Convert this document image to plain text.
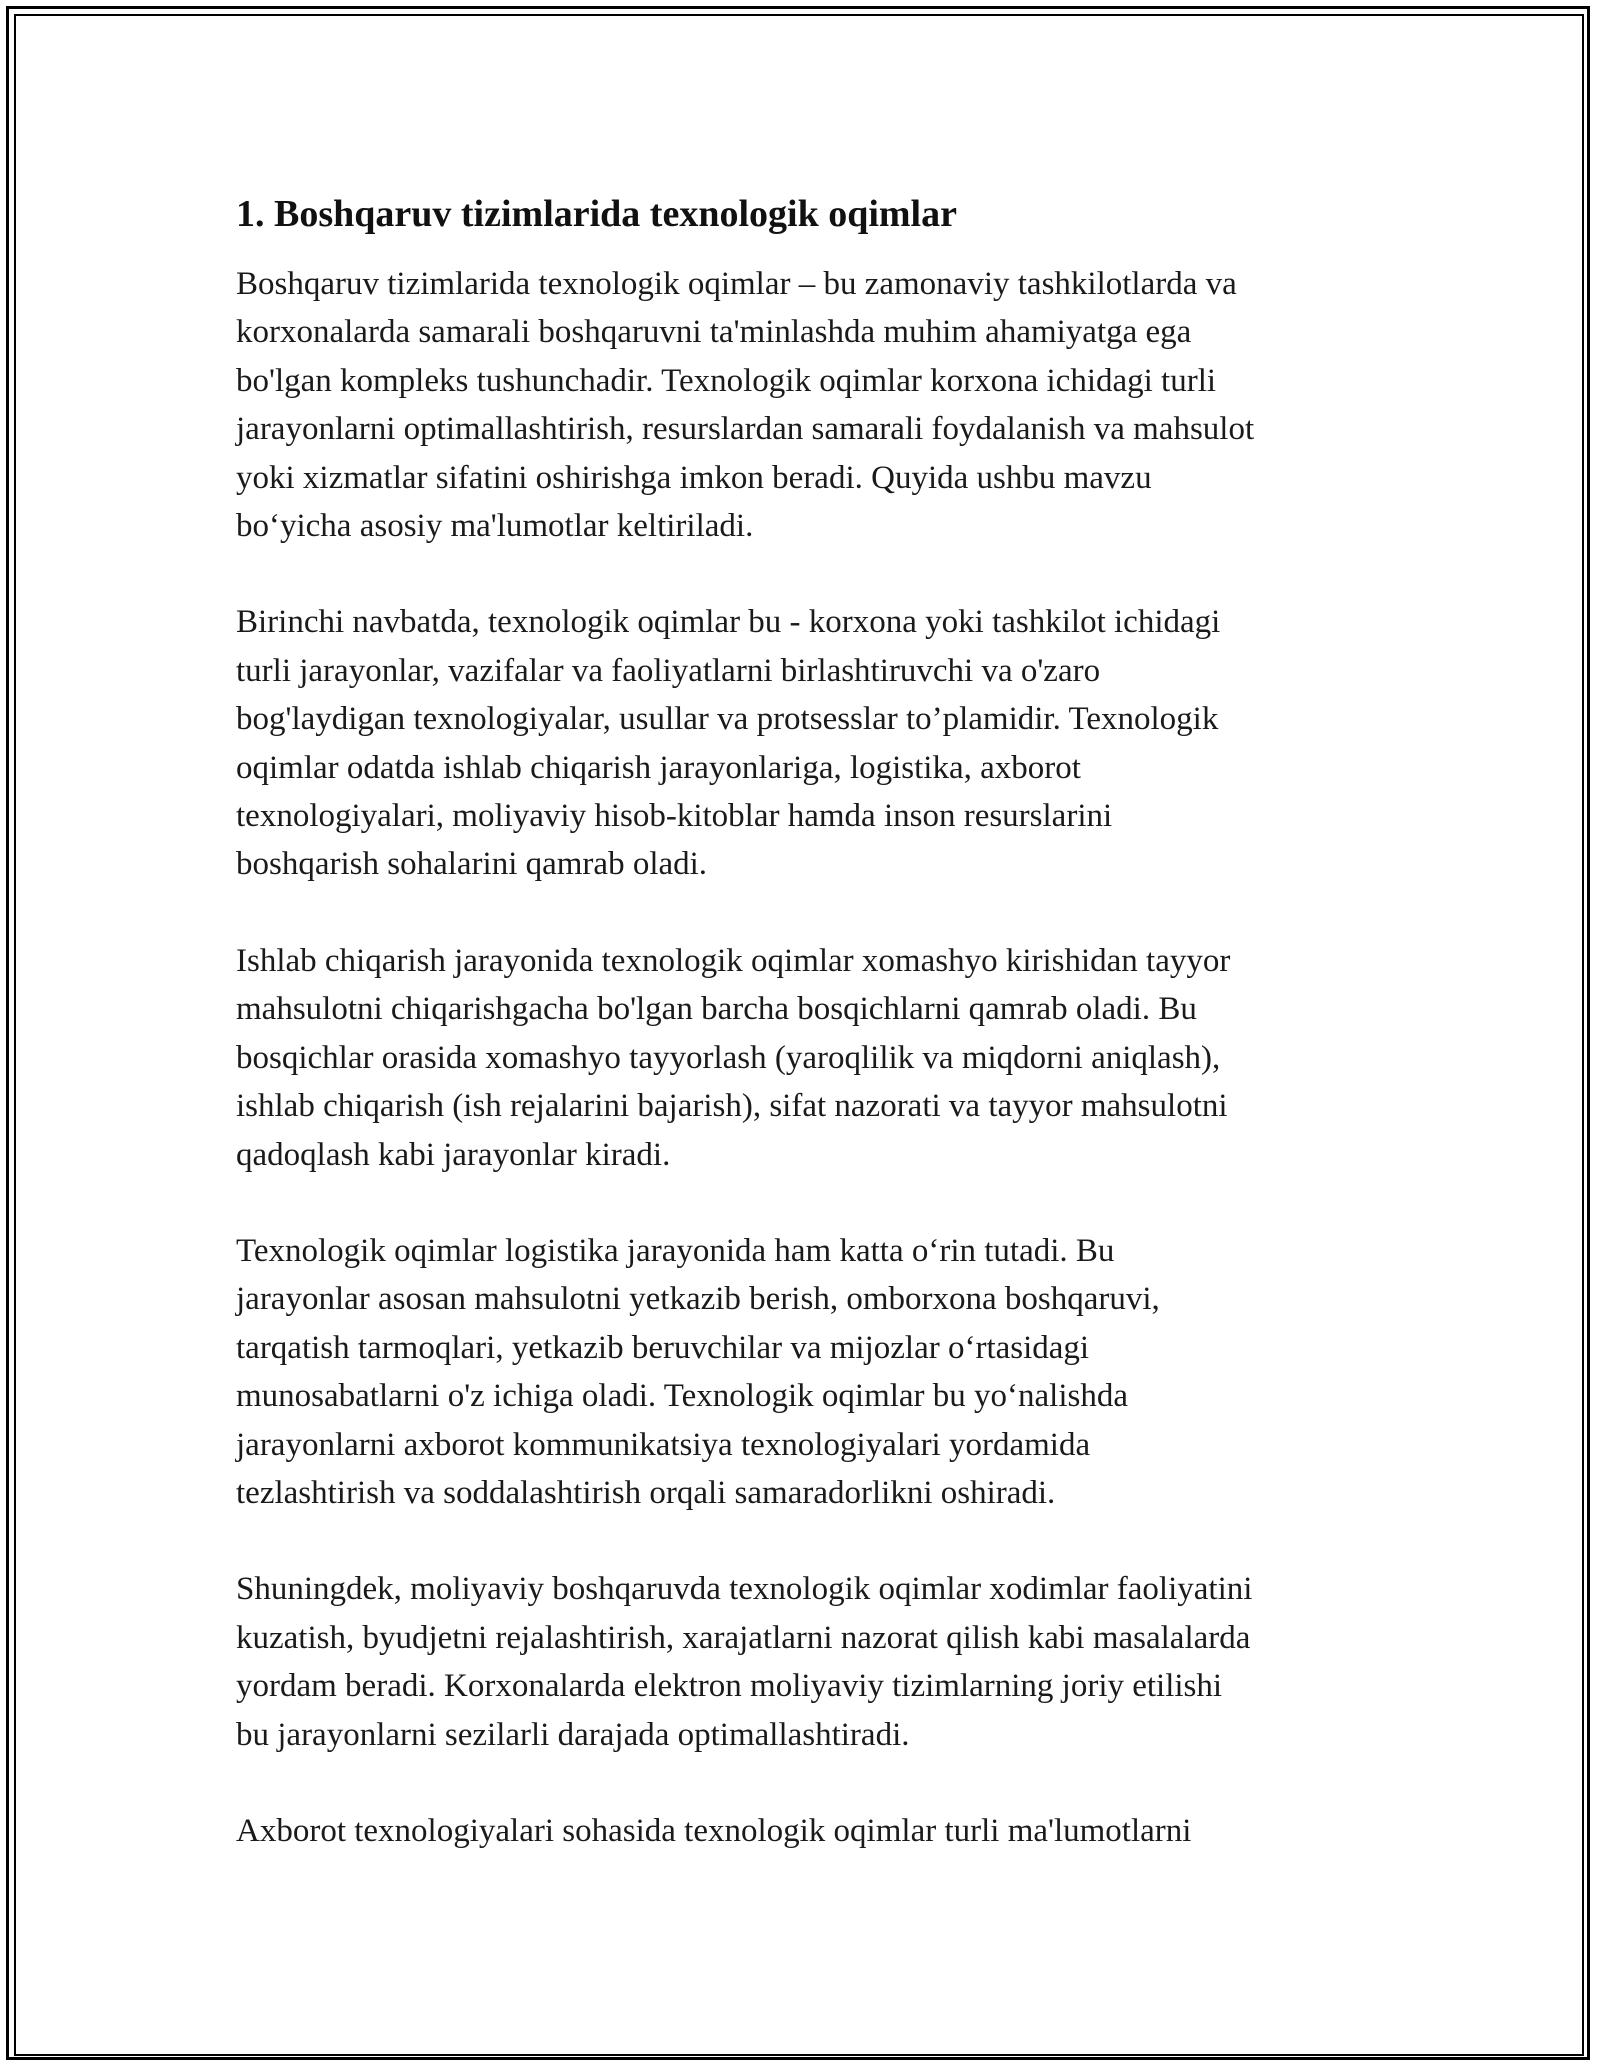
1. Boshqaruv tizimlarida texnologik oqimlar

Boshqaruv tizimlarida texnologik oqimlar – bu zamonaviy tashkilotlarda va
korxonalarda samarali boshqaruvni ta'minlashda muhim ahamiyatga ega
bo'lgan kompleks tushunchadir. Texnologik oqimlar korxona ichidagi turli
jarayonlarni optimallashtirish, resurslardan samarali foydalanish va mahsulot
yoki xizmatlar sifatini oshirishga imkon beradi. Quyida ushbu mavzu
bo‘yicha asosiy ma'lumotlar keltiriladi.

Birinchi navbatda, texnologik oqimlar bu - korxona yoki tashkilot ichidagi
turli jarayonlar, vazifalar va faoliyatlarni birlashtiruvchi va o'zaro
bog'laydigan texnologiyalar, usullar va protsesslar to’plamidir. Texnologik
oqimlar odatda ishlab chiqarish jarayonlariga, logistika, axborot
texnologiyalari, moliyaviy hisob-kitoblar hamda inson resurslarini
boshqarish sohalarini qamrab oladi.

Ishlab chiqarish jarayonida texnologik oqimlar xomashyo kirishidan tayyor
mahsulotni chiqarishgacha bo'lgan barcha bosqichlarni qamrab oladi. Bu
bosqichlar orasida xomashyo tayyorlash (yaroqlilik va miqdorni aniqlash),
ishlab chiqarish (ish rejalarini bajarish), sifat nazorati va tayyor mahsulotni
qadoqlash kabi jarayonlar kiradi.

Texnologik oqimlar logistika jarayonida ham katta o‘rin tutadi. Bu
jarayonlar asosan mahsulotni yetkazib berish, omborxona boshqaruvi,
tarqatish tarmoqlari, yetkazib beruvchilar va mijozlar o‘rtasidagi
munosabatlarni o'z ichiga oladi. Texnologik oqimlar bu yo‘nalishda
jarayonlarni axborot kommunikatsiya texnologiyalari yordamida
tezlashtirish va soddalashtirish orqali samaradorlikni oshiradi.

Shuningdek, moliyaviy boshqaruvda texnologik oqimlar xodimlar faoliyatini
kuzatish, byudjetni rejalashtirish, xarajatlarni nazorat qilish kabi masalalarda
yordam beradi. Korxonalarda elektron moliyaviy tizimlarning joriy etilishi
bu jarayonlarni sezilarli darajada optimallashtiradi.

Axborot texnologiyalari sohasida texnologik oqimlar turli ma'lumotlarni
